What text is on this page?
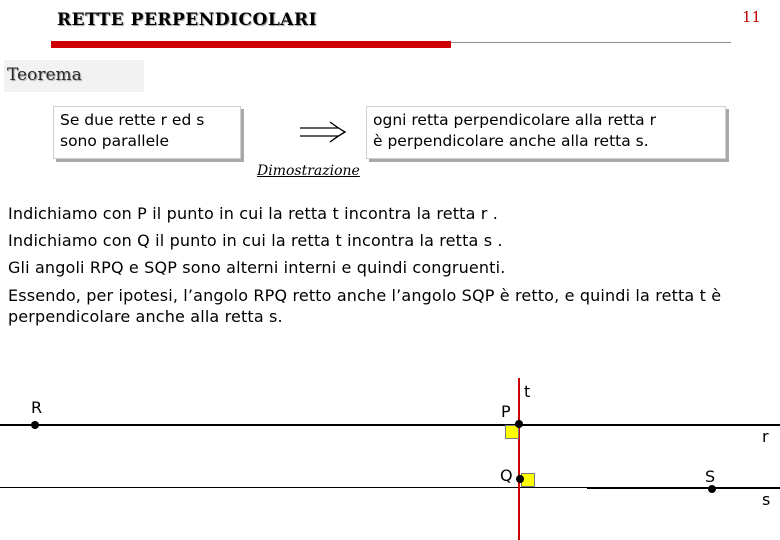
RETTE PERPENDICOLARI	11
Teorema
Se due rette r ed s
sono parallele
ogni retta perpendicolare alla retta r
è perpendicolare anche alla retta s.
Dimostrazione
Indichiamo con P il punto in cui la retta t incontra la retta r .
Indichiamo con Q il punto in cui la retta t incontra la retta s .
Gli angoli RPQ e SQP sono alterni interni e quindi congruenti.
Essendo, per ipotesi, l’angolo RPQ retto anche l’angolo SQP è retto, e quindi la retta t è perpendicolare anche alla retta s.
R	P
t
r
Q	S
s
